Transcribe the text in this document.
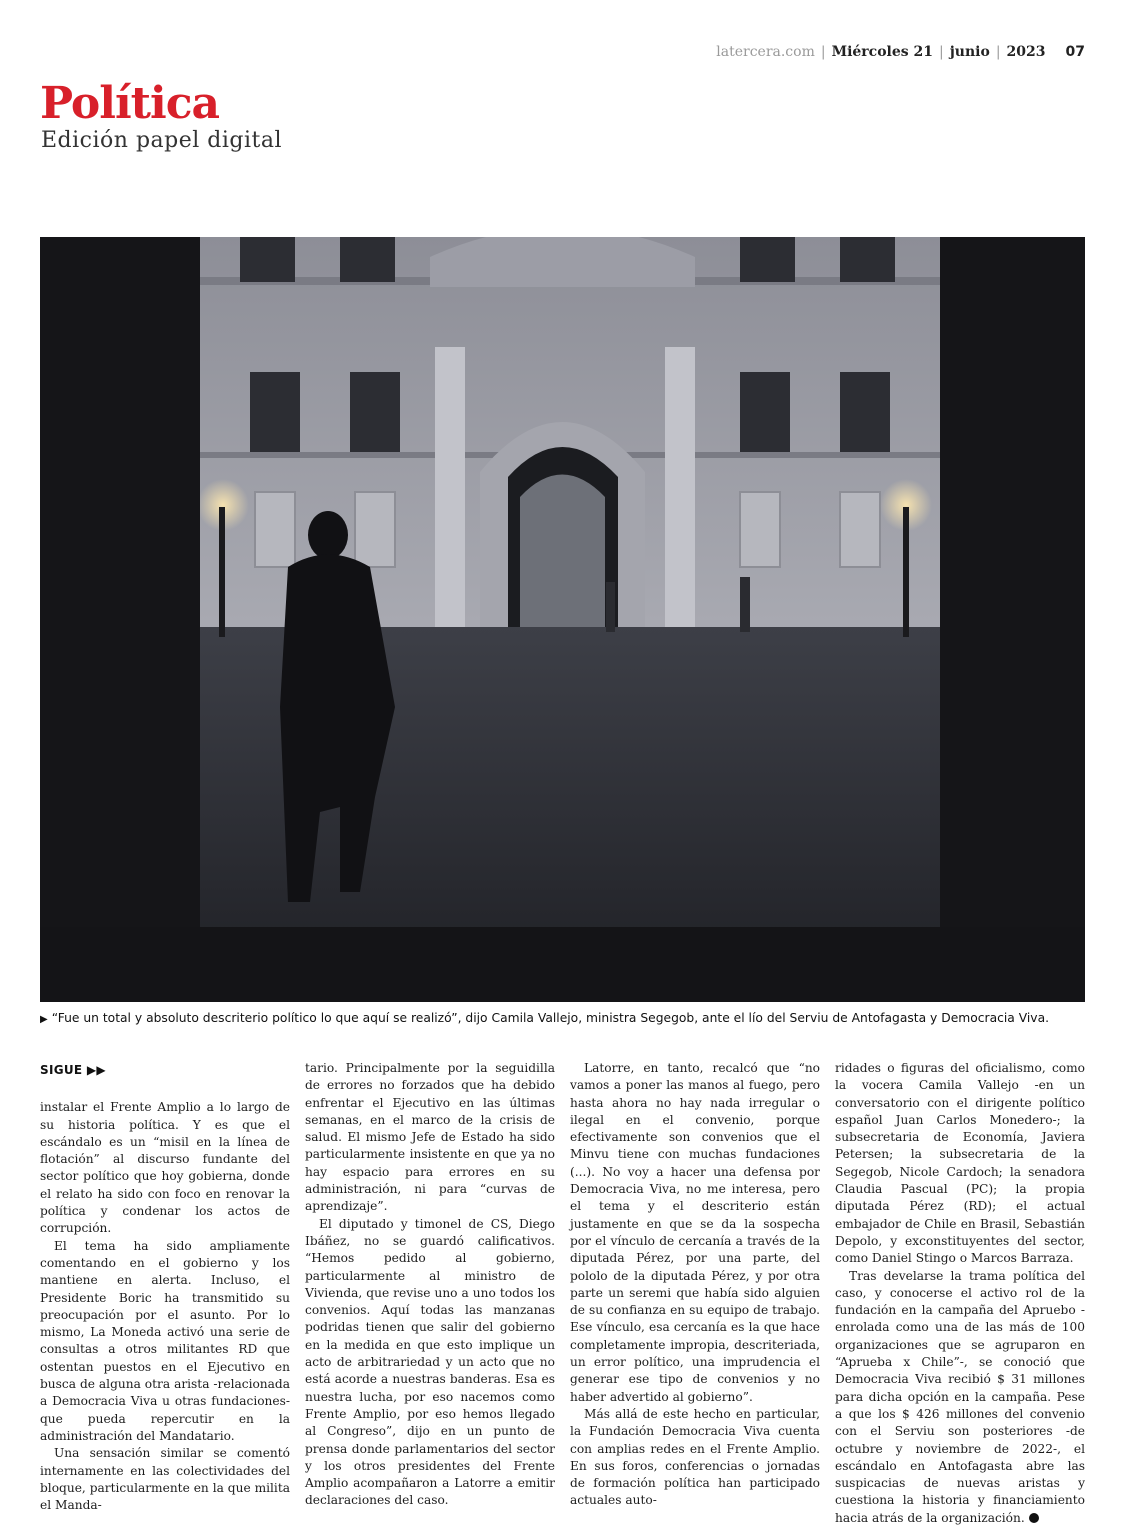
latercera.com | Miércoles 21 | junio | 2023 07
Política
Edición papel digital
▶ “Fue un total y absoluto descriterio político lo que aquí se realizó”, dijo Camila Vallejo, ministra Segegob, ante el lío del Serviu de Antofagasta y Democracia Viva.
SIGUE ▶▶

instalar el Frente Amplio a lo largo de su historia política. Y es que el escándalo es un “misil en la línea de flotación” al discurso fundante del sector político que hoy gobierna, donde el relato ha sido con foco en renovar la política y condenar los actos de corrupción.

El tema ha sido ampliamente comentando en el gobierno y los mantiene en alerta. Incluso, el Presidente Boric ha transmitido su preocupación por el asunto. Por lo mismo, La Moneda activó una serie de consultas a otros militantes RD que ostentan puestos en el Ejecutivo en busca de alguna otra arista -relacionada a Democracia Viva u otras fundaciones- que pueda repercutir en la administración del Mandatario.

Una sensación similar se comentó internamente en las colectividades del bloque, particularmente en la que milita el Manda-

tario. Principalmente por la seguidilla de errores no forzados que ha debido enfrentar el Ejecutivo en las últimas semanas, en el marco de la crisis de salud. El mismo Jefe de Estado ha sido particularmente insistente en que ya no hay espacio para errores en su administración, ni para “curvas de aprendizaje”.

El diputado y timonel de CS, Diego Ibáñez, no se guardó calificativos. “Hemos pedido al gobierno, particularmente al ministro de Vivienda, que revise uno a uno todos los convenios. Aquí todas las manzanas podridas tienen que salir del gobierno en la medida en que esto implique un acto de arbitrariedad y un acto que no está acorde a nuestras banderas. Esa es nuestra lucha, por eso nacemos como Frente Amplio, por eso hemos llegado al Congreso”, dijo en un punto de prensa donde parlamentarios del sector y los otros presidentes del Frente Amplio acompañaron a Latorre a emitir declaraciones del caso.

Latorre, en tanto, recalcó que “no vamos a poner las manos al fuego, pero hasta ahora no hay nada irregular o ilegal en el convenio, porque efectivamente son convenios que el Minvu tiene con muchas fundaciones (...). No voy a hacer una defensa por Democracia Viva, no me interesa, pero el tema y el descriterio están justamente en que se da la sospecha por el vínculo de cercanía a través de la diputada Pérez, por una parte, del pololo de la diputada Pérez, y por otra parte un seremi que había sido alguien de su confianza en su equipo de trabajo. Ese vínculo, esa cercanía es la que hace completamente impropia, descriteriada, un error político, una imprudencia el generar ese tipo de convenios y no haber advertido al gobierno”.

Más allá de este hecho en particular, la Fundación Democracia Viva cuenta con amplias redes en el Frente Amplio. En sus foros, conferencias o jornadas de formación política han participado actuales auto-

ridades o figuras del oficialismo, como la vocera Camila Vallejo -en un conversatorio con el dirigente político español Juan Carlos Monedero-; la subsecretaria de Economía, Javiera Petersen; la subsecretaria de la Segegob, Nicole Cardoch; la senadora Claudia Pascual (PC); la propia diputada Pérez (RD); el actual embajador de Chile en Brasil, Sebastián Depolo, y exconstituyentes del sector, como Daniel Stingo o Marcos Barraza.

Tras develarse la trama política del caso, y conocerse el activo rol de la fundación en la campaña del Apruebo -enrolada como una de las más de 100 organizaciones que se agruparon en “Aprueba x Chile”-, se conoció que Democracia Viva recibió $ 31 millones para dicha opción en la campaña. Pese a que los $ 426 millones del convenio con el Serviu son posteriores -de octubre y noviembre de 2022-, el escándalo en Antofagasta abre las suspicacias de nuevas aristas y cuestiona la historia y financiamiento hacia atrás de la organización.
